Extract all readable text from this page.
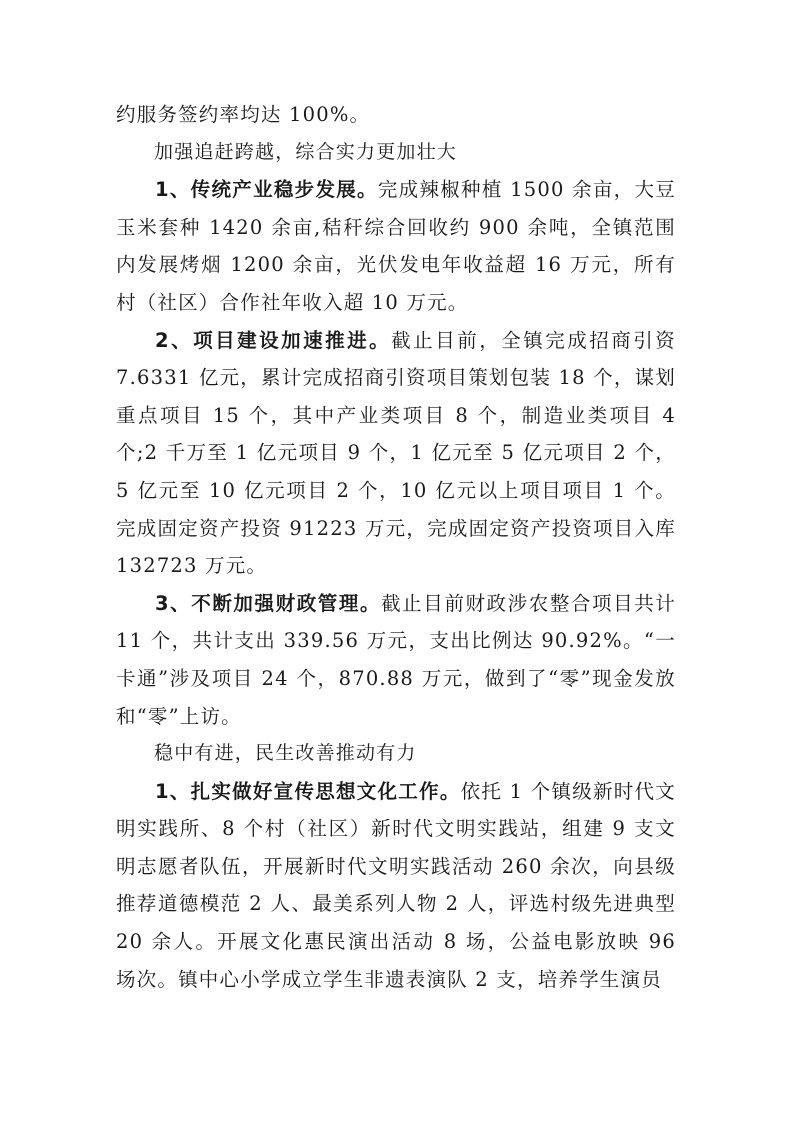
约服务签约率均达 100%。

加强追赶跨越，综合实力更加壮大

1、传统产业稳步发展。完成辣椒种植 1500 余亩，大豆玉米套种 1420 余亩,秸秆综合回收约 900 余吨，全镇范围内发展烤烟 1200 余亩，光伏发电年收益超 16 万元，所有村（社区）合作社年收入超 10 万元。

2、项目建设加速推进。截止目前，全镇完成招商引资 7.6331 亿元，累计完成招商引资项目策划包装 18 个，谋划重点项目 15 个，其中产业类项目 8 个，制造业类项目 4 个;2 千万至 1 亿元项目 9 个，1 亿元至 5 亿元项目 2 个，5 亿元至 10 亿元项目 2 个，10 亿元以上项目项目 1 个。完成固定资产投资 91223 万元，完成固定资产投资项目入库 132723 万元。

3、不断加强财政管理。截止目前财政涉农整合项目共计 11 个，共计支出 339.56 万元，支出比例达 90.92%。“一卡通”涉及项目 24 个，870.88 万元，做到了“零”现金发放和“零”上访。

稳中有进，民生改善推动有力

1、扎实做好宣传思想文化工作。依托 1 个镇级新时代文明实践所、8 个村（社区）新时代文明实践站，组建 9 支文明志愿者队伍，开展新时代文明实践活动 260 余次，向县级推荐道德模范 2 人、最美系列人物 2 人，评选村级先进典型 20 余人。开展文化惠民演出活动 8 场，公益电影放映 96 场次。镇中心小学成立学生非遗表演队 2 支，培养学生演员
